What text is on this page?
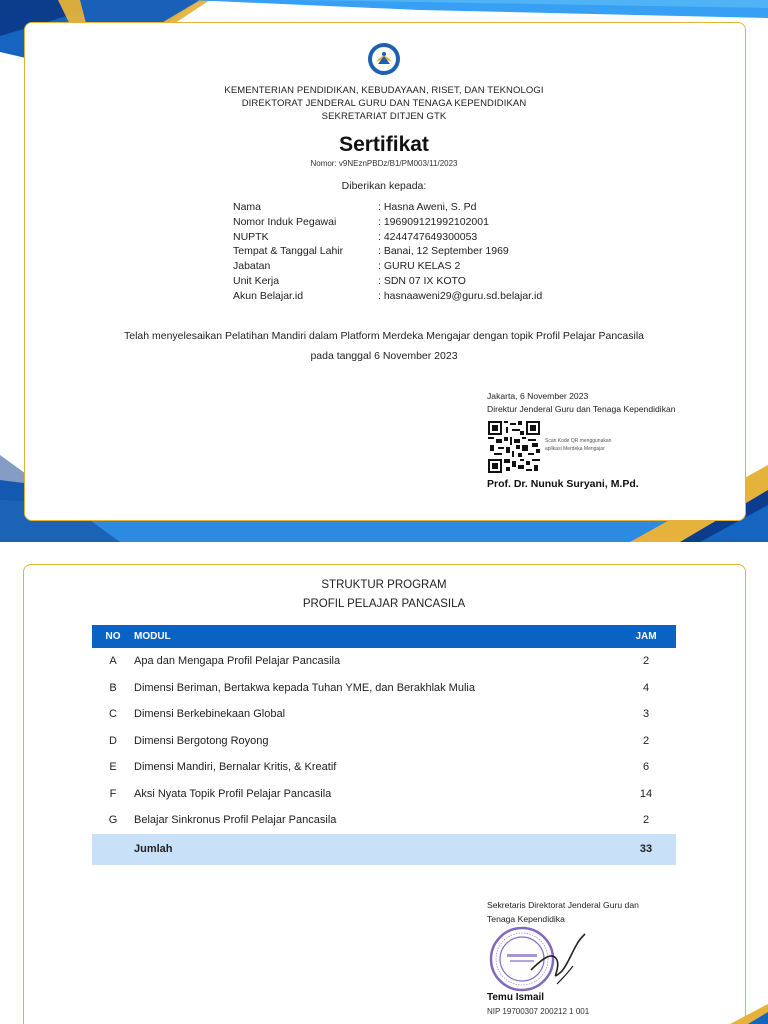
KEMENTERIAN PENDIDIKAN, KEBUDAYAAN, RISET, DAN TEKNOLOGI
DIREKTORAT JENDERAL GURU DAN TENAGA KEPENDIDIKAN
SEKRETARIAT DITJEN GTK
Sertifikat
Nomor: v9NEznPBDz/B1/PM003/11/2023
Diberikan kepada:
Nama	: Hasna Aweni, S. Pd
Nomor Induk Pegawai	: 196909121992102001
NUPTK	: 4244747649300053
Tempat & Tanggal Lahir	: Banai, 12 September 1969
Jabatan	: GURU KELAS 2
Unit Kerja	: SDN 07 IX KOTO
Akun Belajar.id	: hasnaaweni29@guru.sd.belajar.id
Telah menyelesaikan Pelatihan Mandiri dalam Platform Merdeka Mengajar dengan topik Profil Pelajar Pancasila
pada tanggal 6 November 2023
Jakarta, 6 November 2023
Direktur Jenderal Guru dan Tenaga Kependidikan
Scan Kode QR menggunakan
aplikasi Merdeka Mengajar
Prof. Dr. Nunuk Suryani, M.Pd.
STRUKTUR PROGRAM
PROFIL PELAJAR PANCASILA
NO	MODUL	JAM
A	Apa dan Mengapa Profil Pelajar Pancasila	2
B	Dimensi Beriman, Bertakwa kepada Tuhan YME, dan Berakhlak Mulia	4
C	Dimensi Berkebinekaan Global	3
D	Dimensi Bergotong Royong	2
E	Dimensi Mandiri, Bernalar Kritis, & Kreatif	6
F	Aksi Nyata Topik Profil Pelajar Pancasila	14
G	Belajar Sinkronus Profil Pelajar Pancasila	2
Jumlah	33
Sekretaris Direktorat Jenderal Guru dan
Tenaga Kependidika
Temu Ismail
NIP 19700307 200212 1 001
